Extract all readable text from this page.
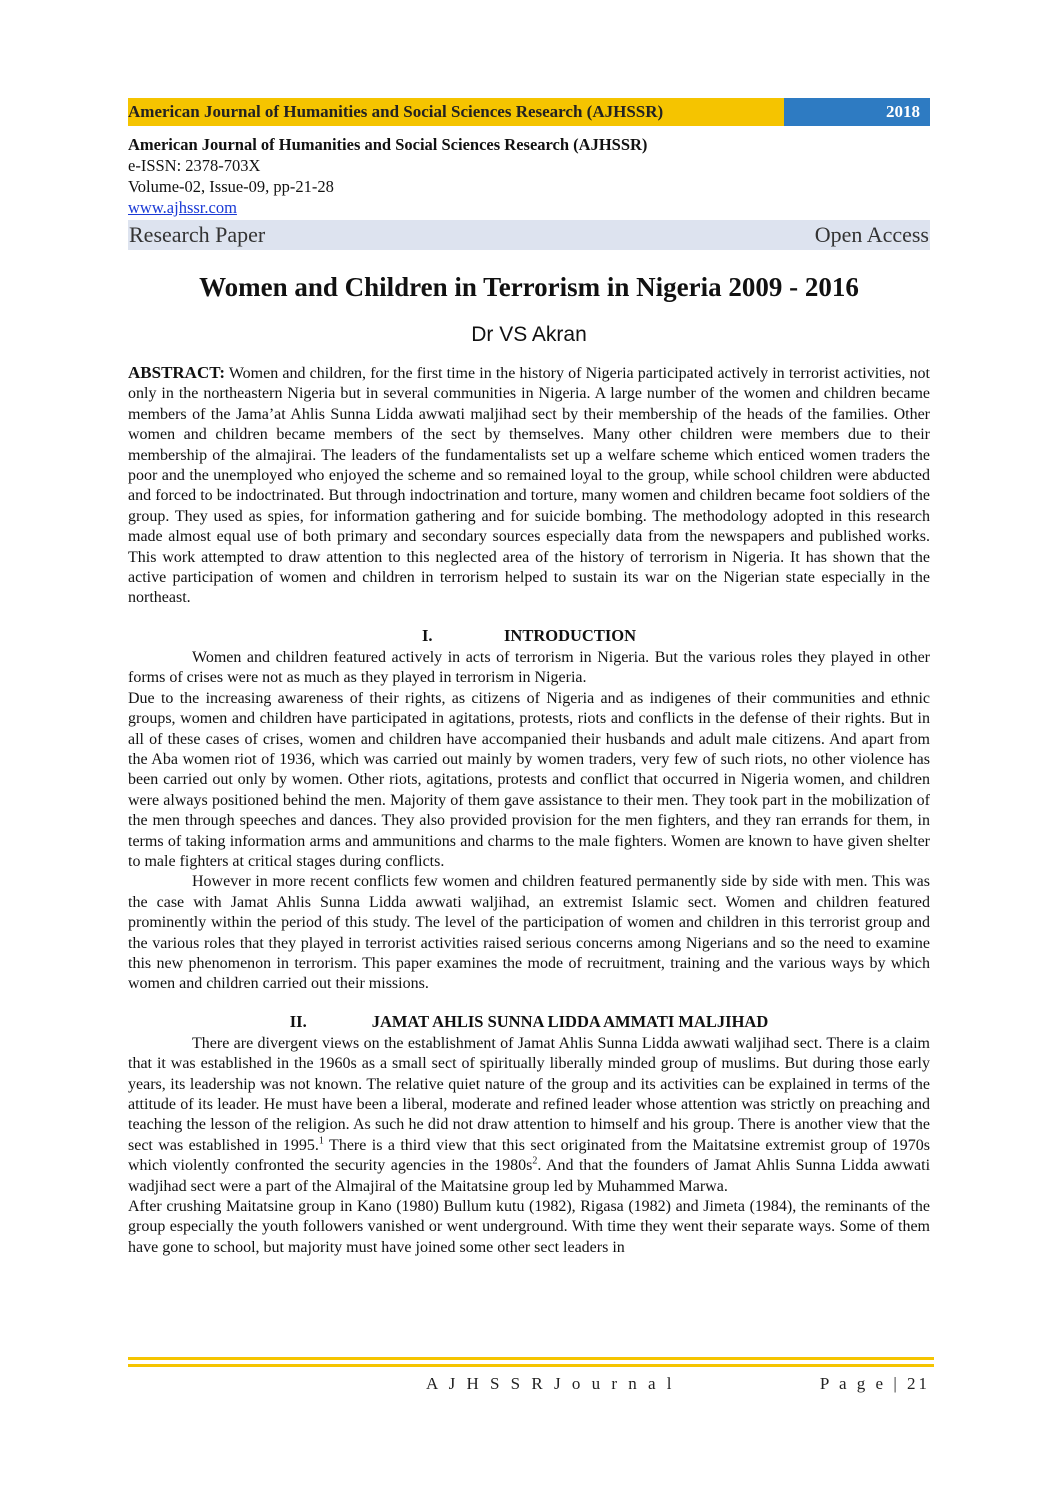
American Journal of Humanities and Social Sciences Research (AJHSSR)	2018
American Journal of Humanities and Social Sciences Research (AJHSSR)
e-ISSN: 2378-703X
Volume-02, Issue-09, pp-21-28
www.ajhssr.com
Research Paper	Open Access
Women and Children in Terrorism in Nigeria 2009 - 2016
Dr VS Akran

ABSTRACT: Women and children, for the first time in the history of Nigeria participated actively in terrorist activities, not only in the northeastern Nigeria but in several communities in Nigeria. A large number of the women and children became members of the Jama’at Ahlis Sunna Lidda awwati maljihad sect by their membership of the heads of the families. Other women and children became members of the sect by themselves. Many other children were members due to their membership of the almajirai. The leaders of the fundamentalists set up a welfare scheme which enticed women traders the poor and the unemployed who enjoyed the scheme and so remained loyal to the group, while school children were abducted and forced to be indoctrinated. But through indoctrination and torture, many women and children became foot soldiers of the group. They used as spies, for information gathering and for suicide bombing. The methodology adopted in this research made almost equal use of both primary and secondary sources especially data from the newspapers and published works. This work attempted to draw attention to this neglected area of the history of terrorism in Nigeria. It has shown that the active participation of women and children in terrorism helped to sustain its war on the Nigerian state especially in the northeast.

I.	INTRODUCTION

Women and children featured actively in acts of terrorism in Nigeria. But the various roles they played in other forms of crises were not as much as they played in terrorism in Nigeria.

Due to the increasing awareness of their rights, as citizens of Nigeria and as indigenes of their communities and ethnic groups, women and children have participated in agitations, protests, riots and conflicts in the defense of their rights. But in all of these cases of crises, women and children have accompanied their husbands and adult male citizens. And apart from the Aba women riot of 1936, which was carried out mainly by women traders, very few of such riots, no other violence has been carried out only by women. Other riots, agitations, protests and conflict that occurred in Nigeria women, and children were always positioned behind the men. Majority of them gave assistance to their men. They took part in the mobilization of the men through speeches and dances. They also provided provision for the men fighters, and they ran errands for them, in terms of taking information arms and ammunitions and charms to the male fighters. Women are known to have given shelter to male fighters at critical stages during conflicts.

However in more recent conflicts few women and children featured permanently side by side with men. This was the case with Jamat Ahlis Sunna Lidda awwati waljihad, an extremist Islamic sect. Women and children featured prominently within the period of this study. The level of the participation of women and children in this terrorist group and the various roles that they played in terrorist activities raised serious concerns among Nigerians and so the need to examine this new phenomenon in terrorism. This paper examines the mode of recruitment, training and the various ways by which women and children carried out their missions.

II.	JAMAT AHLIS SUNNA LIDDA AMMATI MALJIHAD

There are divergent views on the establishment of Jamat Ahlis Sunna Lidda awwati waljihad sect. There is a claim that it was established in the 1960s as a small sect of spiritually liberally minded group of muslims. But during those early years, its leadership was not known. The relative quiet nature of the group and its activities can be explained in terms of the attitude of its leader. He must have been a liberal, moderate and refined leader whose attention was strictly on preaching and teaching the lesson of the religion. As such he did not draw attention to himself and his group. There is another view that the sect was established in 1995.$^1$ There is a third view that this sect originated from the Maitatsine extremist group of 1970s which violently confronted the security agencies in the $1980s^2$. And that the founders of Jamat Ahlis Sunna Lidda awwati wadjihad sect were a part of the Almajiral of the Maitatsine group led by Muhammed Marwa.

After crushing Maitatsine group in Kano (1980) Bullum kutu (1982), Rigasa (1982) and Jimeta (1984), the reminants of the group especially the youth followers vanished or went underground. With time they went their separate ways. Some of them have gone to school, but majority must have joined some other sect leaders in

A J H S S R J o u r n a l	P a g e | 21
